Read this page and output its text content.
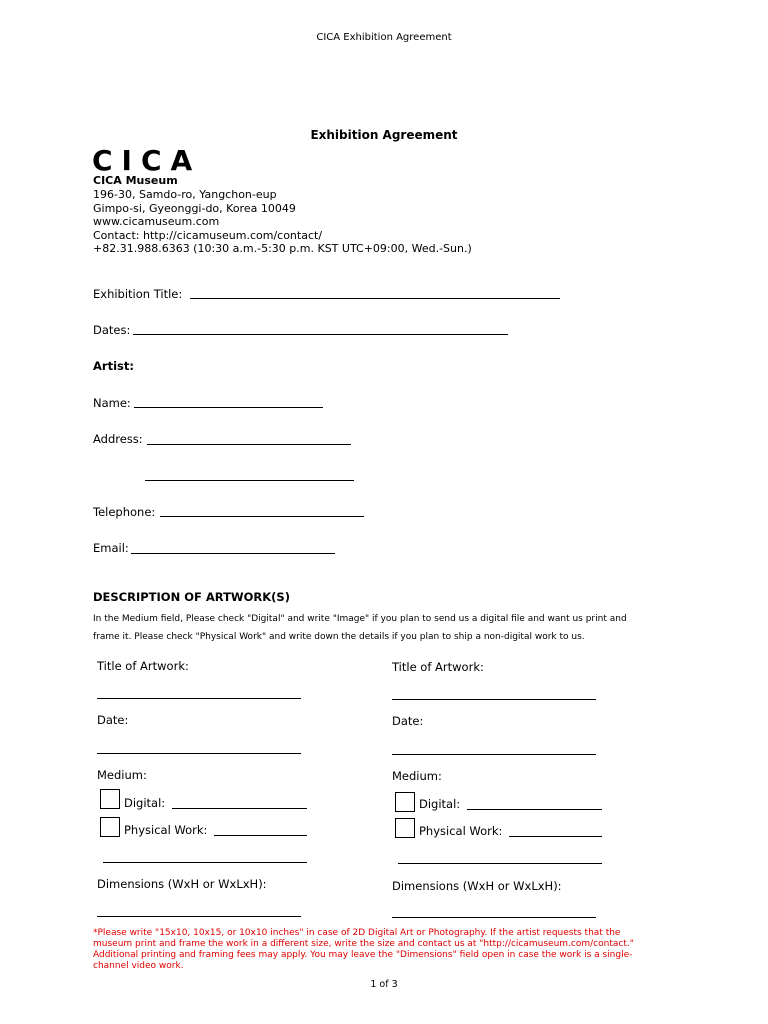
CICA Exhibition Agreement
Exhibition Agreement
CICA
CICA Museum
196-30, Samdo-ro, Yangchon-eup
Gimpo-si, Gyeonggi-do, Korea 10049
www.cicamuseum.com
Contact: http://cicamuseum.com/contact/
+82.31.988.6363 (10:30 a.m.-5:30 p.m. KST UTC+09:00, Wed.-Sun.)
Exhibition Title:
Dates:
Artist:
Name:
Address:
Telephone:
Email:
DESCRIPTION OF ARTWORK(S)
In the Medium field, Please check "Digital" and write "Image" if you plan to send us a digital file and want us print and
frame it. Please check "Physical Work" and write down the details if you plan to ship a non-digital work to us.
Title of Artwork:
Date:
Medium:
Digital:
Physical Work:
Dimensions (WxH or WxLxH):
Title of Artwork:
Date:
Medium:
Digital:
Physical Work:
Dimensions (WxH or WxLxH):
*Please write "15x10, 10x15, or 10x10 inches" in case of 2D Digital Art or Photography. If the artist requests that the museum print and frame the work in a different size, write the size and contact us at "http://cicamuseum.com/contact." Additional printing and framing fees may apply. You may leave the "Dimensions" field open in case the work is a single-channel video work.
1 of 3
